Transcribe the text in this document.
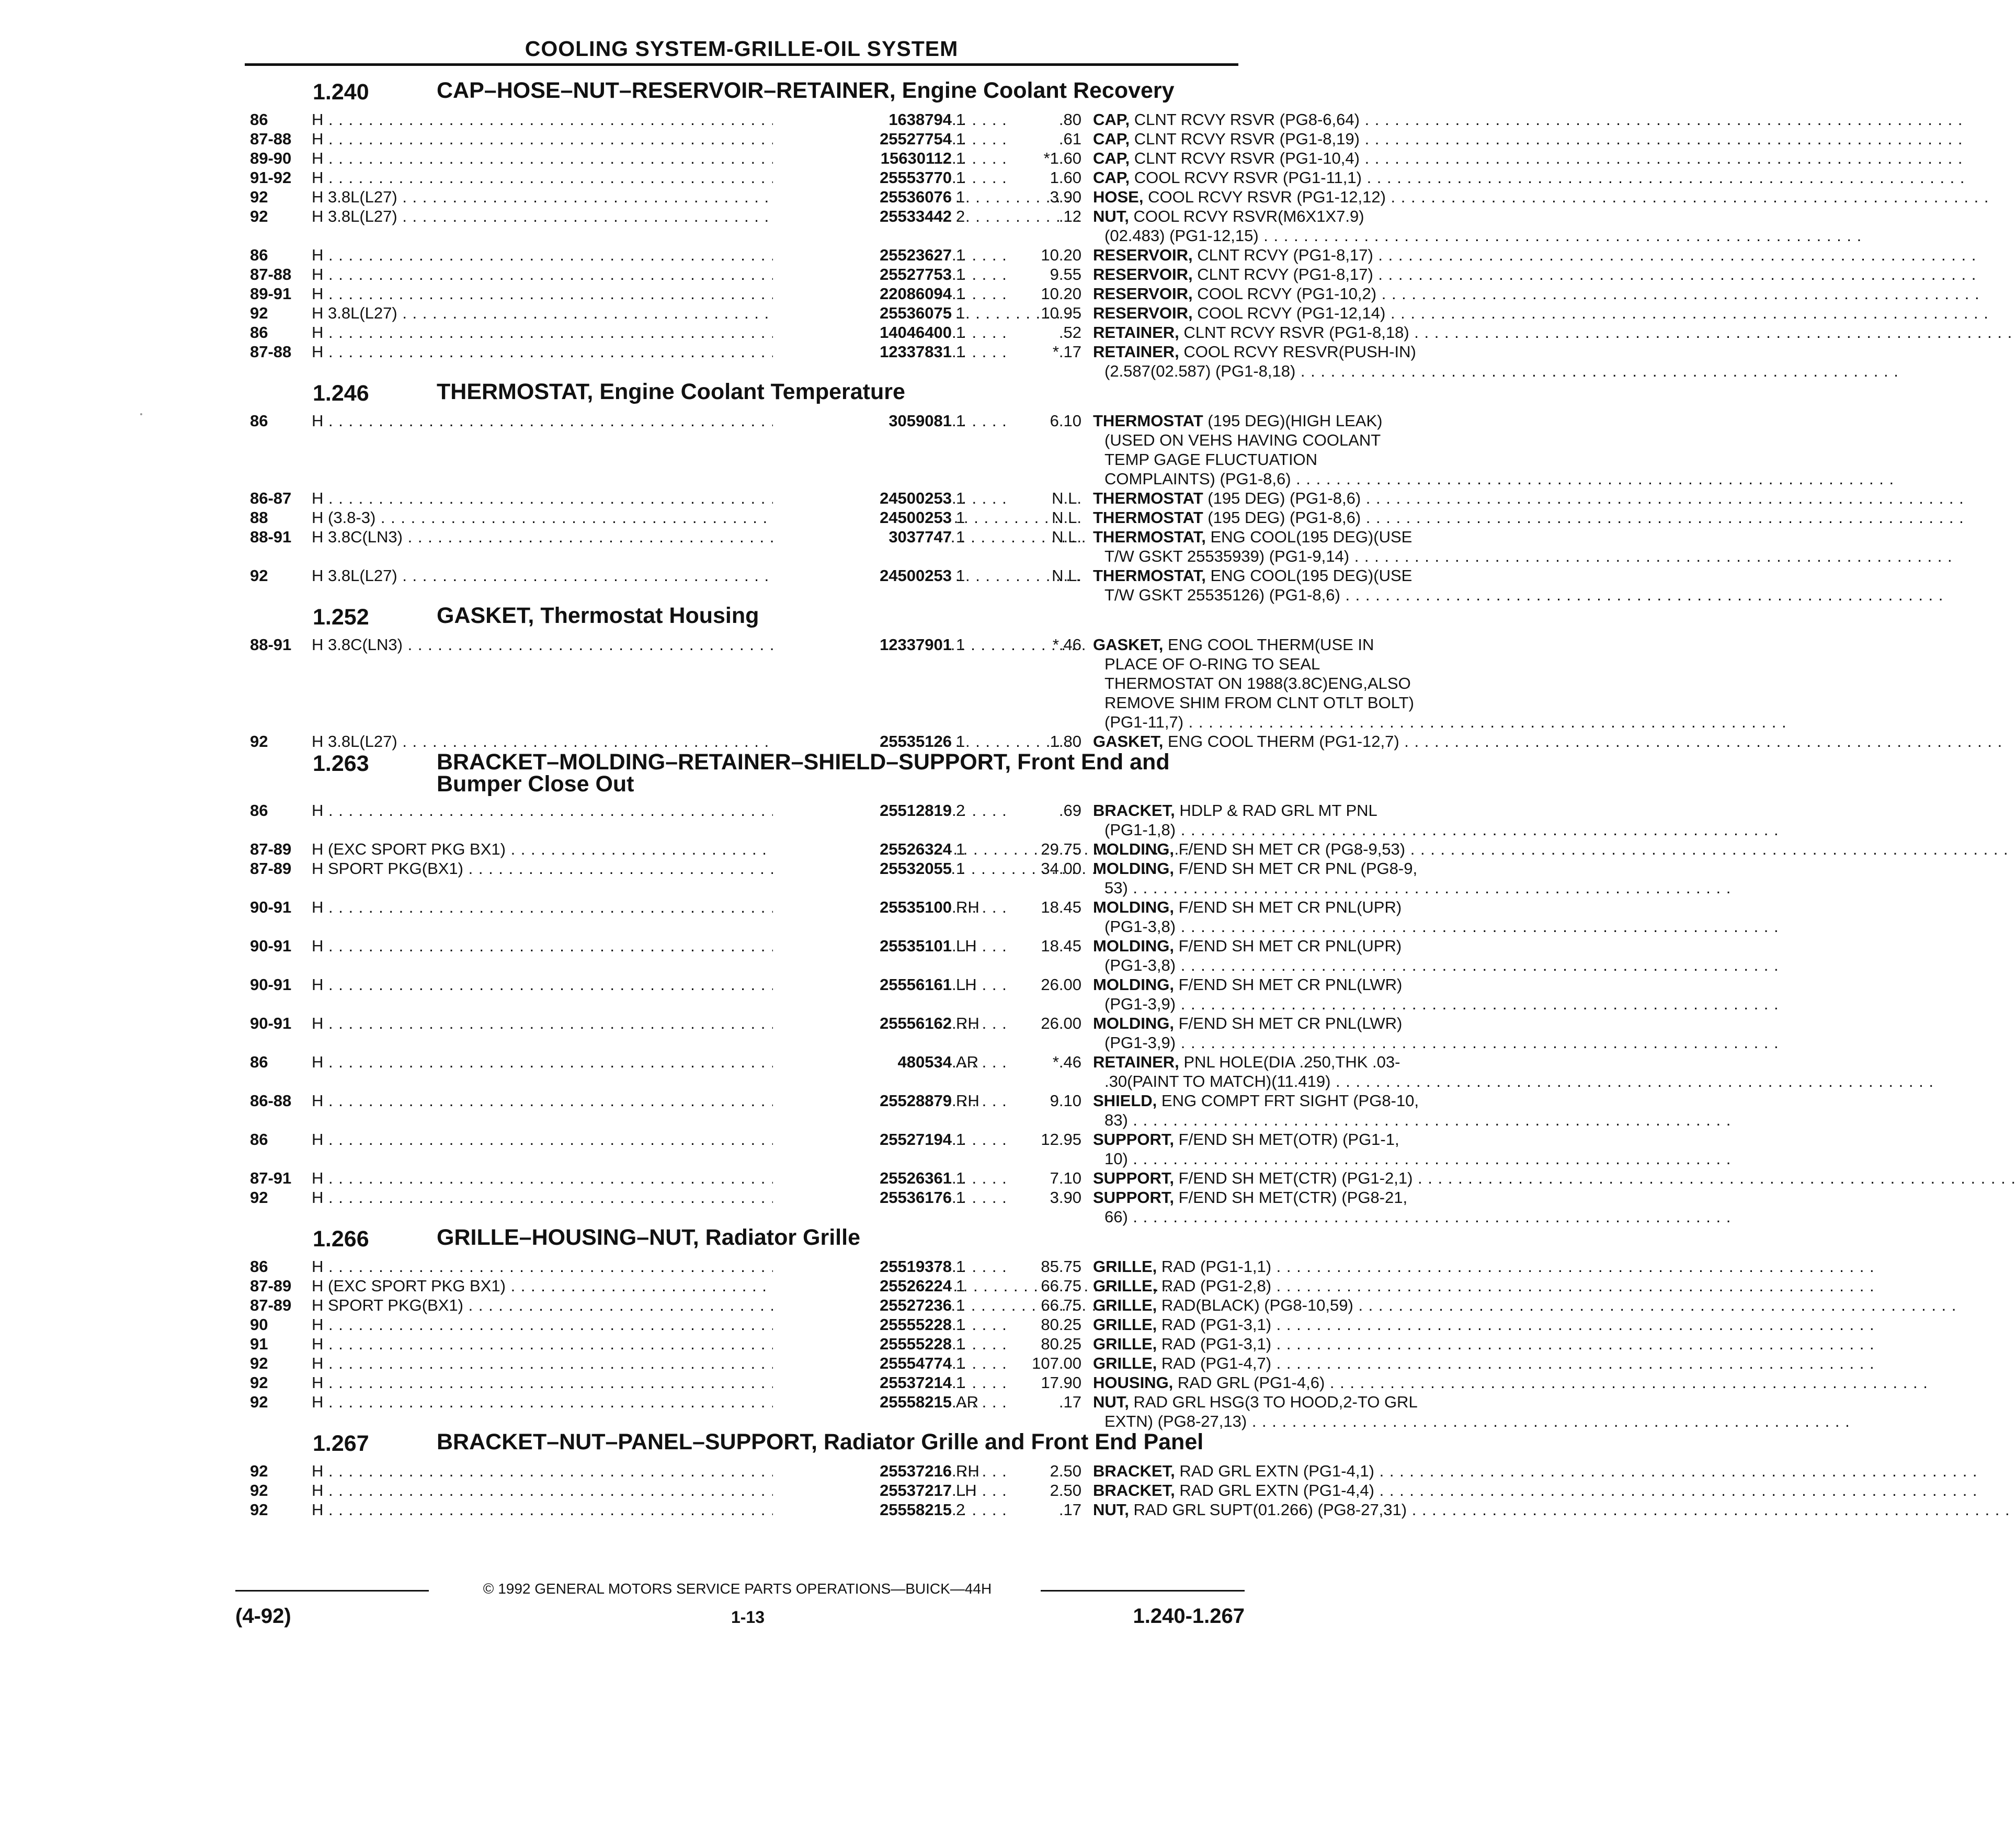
COOLING SYSTEM-GRILLE-OIL SYSTEM
1.240	CAP–HOSE–NUT–RESERVOIR–RETAINER, Engine Coolant Recovery
86	H . . .	1638794 1	.80 CAP, CLNT RCVY RSVR (PG8-6,64) . . .
87-88 H . . .	25527754 1	.61 CAP, CLNT RCVY RSVR (PG1-8,19) . . .
89-90 H . . .	15630112 1	*1.60 CAP, CLNT RCVY RSVR (PG1-10,4) . . .
91-92 H . . .	25553770 1	1.60 CAP, COOL RCVY RSVR (PG1-11,1) . . .
92	H 3.8L(L27) . . .	25536076 1	3.90 HOSE, COOL RCVY RSVR (PG1-12,12) . . .
92	H 3.8L(L27) . . .	25533442 2	.12 NUT, COOL RCVY RSVR(M6X1X7.9)
(02.483) (PG1-12,15) . . .
86	H . . .	25523627 1	10.20 RESERVOIR, CLNT RCVY (PG1-8,17) . . .
87-88 H . . .	25527753 1	9.55 RESERVOIR, CLNT RCVY (PG1-8,17) . . .
89-91 H . . .	22086094 1	10.20 RESERVOIR, COOL RCVY (PG1-10,2) . . .
92	H 3.8L(L27) . . .	25536075 1	10.95 RESERVOIR, COOL RCVY (PG1-12,14) . . .
86	H . . .	14046400 1	.52 RETAINER, CLNT RCVY RSVR (PG1-8,18) . . .
87-88 H . . .	12337831 1	*.17 RETAINER, COOL RCVY RESVR(PUSH-IN)
(2.587(02.587) (PG1-8,18) . . .
1.246	THERMOSTAT, Engine Coolant Temperature
86	H . . .	3059081 1	6.10 THERMOSTAT (195 DEG)(HIGH LEAK)
(USED ON VEHS HAVING COOLANT
TEMP GAGE FLUCTUATION
COMPLAINTS) (PG1-8,6) . . .
86-87 H . . .	24500253 1	N.L. THERMOSTAT (195 DEG) (PG1-8,6) . . .
88	H (3.8-3) . . .	24500253 1	N.L. THERMOSTAT (195 DEG) (PG1-8,6) . . .
88-91 H 3.8C(LN3) . . .	3037747 1	N.L. THERMOSTAT, ENG COOL(195 DEG)(USE
T/W GSKT 25535939) (PG1-9,14) . . .
92	H 3.8L(L27) . . .	24500253 1	N.L. THERMOSTAT, ENG COOL(195 DEG)(USE
T/W GSKT 25535126) (PG1-8,6) . . .
1.252	GASKET, Thermostat Housing
88-91 H 3.8C(LN3) . . .	12337901 1	*.46 GASKET, ENG COOL THERM(USE IN
PLACE OF O-RING TO SEAL
THERMOSTAT ON 1988(3.8C)ENG,ALSO
REMOVE SHIM FROM CLNT OTLT BOLT)
(PG1-11,7) . . .
92	H 3.8L(L27) . . .	25535126 1	1.80 GASKET, ENG COOL THERM (PG1-12,7) . . .
1.263	BRACKET–MOLDING–RETAINER–SHIELD–SUPPORT, Front End and Bumper Close Out
86	H . . .	25512819 2	.69 BRACKET, HDLP & RAD GRL MT PNL
(PG1-1,8) . . .
87-89 H (EXC SPORT PKG BX1) . . .	25526324 1	29.75 MOLDING, F/END SH MET CR (PG8-9,53) . . .
87-89 H SPORT PKG(BX1) . . .	25532055 1	34.00 MOLDING, F/END SH MET CR PNL (PG8-9,
53) . . .
90-91 H . . .	25535100 RH	18.45 MOLDING, F/END SH MET CR PNL(UPR)
(PG1-3,8) . . .
90-91 H . . .	25535101 LH	18.45 MOLDING, F/END SH MET CR PNL(UPR)
(PG1-3,8) . . .
90-91 H . . .	25556161 LH	26.00 MOLDING, F/END SH MET CR PNL(LWR)
(PG1-3,9) . . .
90-91 H . . .	25556162 RH	26.00 MOLDING, F/END SH MET CR PNL(LWR)
(PG1-3,9) . . .
86	H . . .	480534 AR	*.46 RETAINER, PNL HOLE(DIA .250,THK .03-
.30(PAINT TO MATCH)(11.419) . . .
86-88 H . . .	25528879 RH	9.10 SHIELD, ENG COMPT FRT SIGHT (PG8-10,
83) . . .
86	H . . .	25527194 1	12.95 SUPPORT, F/END SH MET(OTR) (PG1-1,
10) . . .
87-91 H . . .	25526361 1	7.10 SUPPORT, F/END SH MET(CTR) (PG1-2,1) . . .
92	H . . .	25536176 1	3.90 SUPPORT, F/END SH MET(CTR) (PG8-21,
66) . . .
1.266	GRILLE–HOUSING–NUT, Radiator Grille
86	H . . .	25519378 1	85.75 GRILLE, RAD (PG1-1,1) . . .
87-89 H (EXC SPORT PKG BX1) . . .	25526224 1	66.75 GRILLE, RAD (PG1-2,8) . . .
87-89 H SPORT PKG(BX1) . . .	25527236 1	66.75 GRILLE, RAD(BLACK) (PG8-10,59) . . .
90	H . . .	25555228 1	80.25 GRILLE, RAD (PG1-3,1) . . .
91	H . . .	25555228 1	80.25 GRILLE, RAD (PG1-3,1) . . .
92	H . . .	25554774 1	107.00 GRILLE, RAD (PG1-4,7) . . .
92	H . . .	25537214 1	17.90 HOUSING, RAD GRL (PG1-4,6) . . .
92	H . . .	25558215 AR	.17 NUT, RAD GRL HSG(3 TO HOOD,2-TO GRL
EXTN) (PG8-27,13) . . .
1.267	BRACKET–NUT–PANEL–SUPPORT, Radiator Grille and Front End Panel
92	H . . .	25537216 RH	2.50 BRACKET, RAD GRL EXTN (PG1-4,1) . . .
92	H . . .	25537217 LH	2.50 BRACKET, RAD GRL EXTN (PG1-4,4) . . .
92	H . . .	25558215 2	.17 NUT, RAD GRL SUPT(01.266) (PG8-27,31) . . .
© 1992 GENERAL MOTORS SERVICE PARTS OPERATIONS—BUICK—44H
(4-92)	1-13	1.240-1.267
